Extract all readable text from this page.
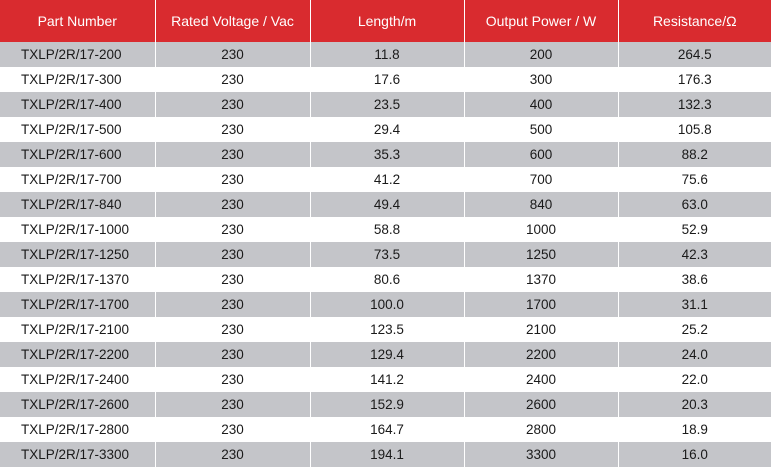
Part Number	Rated Voltage / Vac	Length/m	Output Power / W	Resistance/Ω
TXLP/2R/17-200	230	11.8	200	264.5
TXLP/2R/17-300	230	17.6	300	176.3
TXLP/2R/17-400	230	23.5	400	132.3
TXLP/2R/17-500	230	29.4	500	105.8
TXLP/2R/17-600	230	35.3	600	88.2
TXLP/2R/17-700	230	41.2	700	75.6
TXLP/2R/17-840	230	49.4	840	63.0
TXLP/2R/17-1000	230	58.8	1000	52.9
TXLP/2R/17-1250	230	73.5	1250	42.3
TXLP/2R/17-1370	230	80.6	1370	38.6
TXLP/2R/17-1700	230	100.0	1700	31.1
TXLP/2R/17-2100	230	123.5	2100	25.2
TXLP/2R/17-2200	230	129.4	2200	24.0
TXLP/2R/17-2400	230	141.2	2400	22.0
TXLP/2R/17-2600	230	152.9	2600	20.3
TXLP/2R/17-2800	230	164.7	2800	18.9
TXLP/2R/17-3300	230	194.1	3300	16.0
